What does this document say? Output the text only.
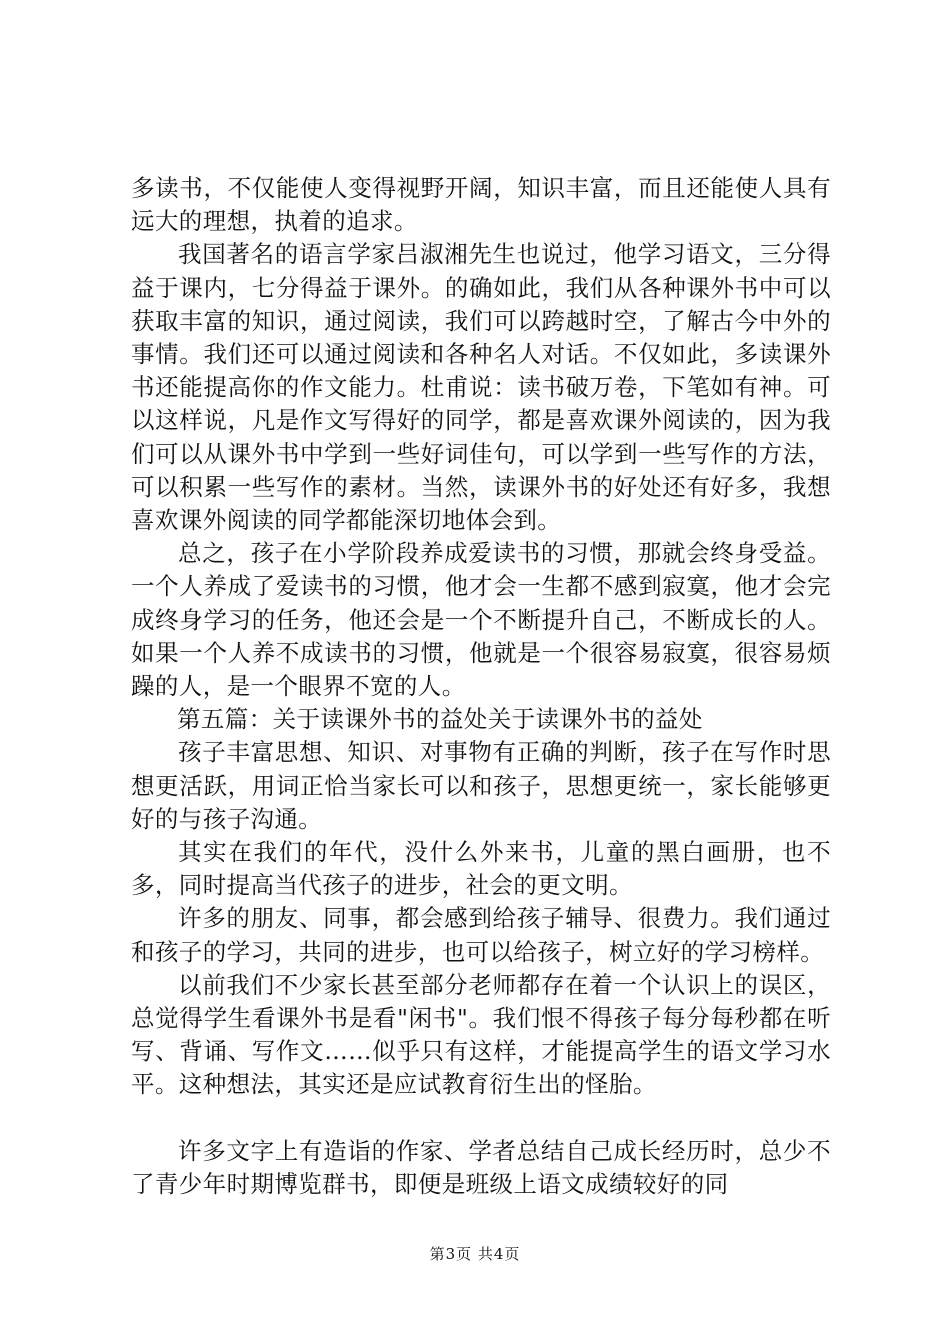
多读书，不仅能使人变得视野开阔，知识丰富，而且还能使人具有远大的理想，执着的追求。

我国著名的语言学家吕淑湘先生也说过，他学习语文，三分得益于课内，七分得益于课外。的确如此，我们从各种课外书中可以获取丰富的知识，通过阅读，我们可以跨越时空，了解古今中外的事情。我们还可以通过阅读和各种名人对话。不仅如此，多读课外书还能提高你的作文能力。杜甫说：读书破万卷，下笔如有神。可以这样说，凡是作文写得好的同学，都是喜欢课外阅读的，因为我们可以从课外书中学到一些好词佳句，可以学到一些写作的方法，可以积累一些写作的素材。当然，读课外书的好处还有好多，我想喜欢课外阅读的同学都能深切地体会到。

总之，孩子在小学阶段养成爱读书的习惯，那就会终身受益。一个人养成了爱读书的习惯，他才会一生都不感到寂寞，他才会完成终身学习的任务，他还会是一个不断提升自己，不断成长的人。如果一个人养不成读书的习惯，他就是一个很容易寂寞，很容易烦躁的人，是一个眼界不宽的人。

第五篇：关于读课外书的益处关于读课外书的益处

孩子丰富思想、知识、对事物有正确的判断，孩子在写作时思想更活跃，用词正恰当家长可以和孩子，思想更统一，家长能够更好的与孩子沟通。

其实在我们的年代，没什么外来书，儿童的黑白画册，也不多，同时提高当代孩子的进步，社会的更文明。

许多的朋友、同事，都会感到给孩子辅导、很费力。我们通过和孩子的学习，共同的进步，也可以给孩子，树立好的学习榜样。

以前我们不少家长甚至部分老师都存在着一个认识上的误区，总觉得学生看课外书是看"闲书"。我们恨不得孩子每分每秒都在听写、背诵、写作文……似乎只有这样，才能提高学生的语文学习水平。这种想法，其实还是应试教育衍生出的怪胎。

许多文字上有造诣的作家、学者总结自己成长经历时，总少不了青少年时期博览群书，即便是班级上语文成绩较好的同

第3页 共4页
